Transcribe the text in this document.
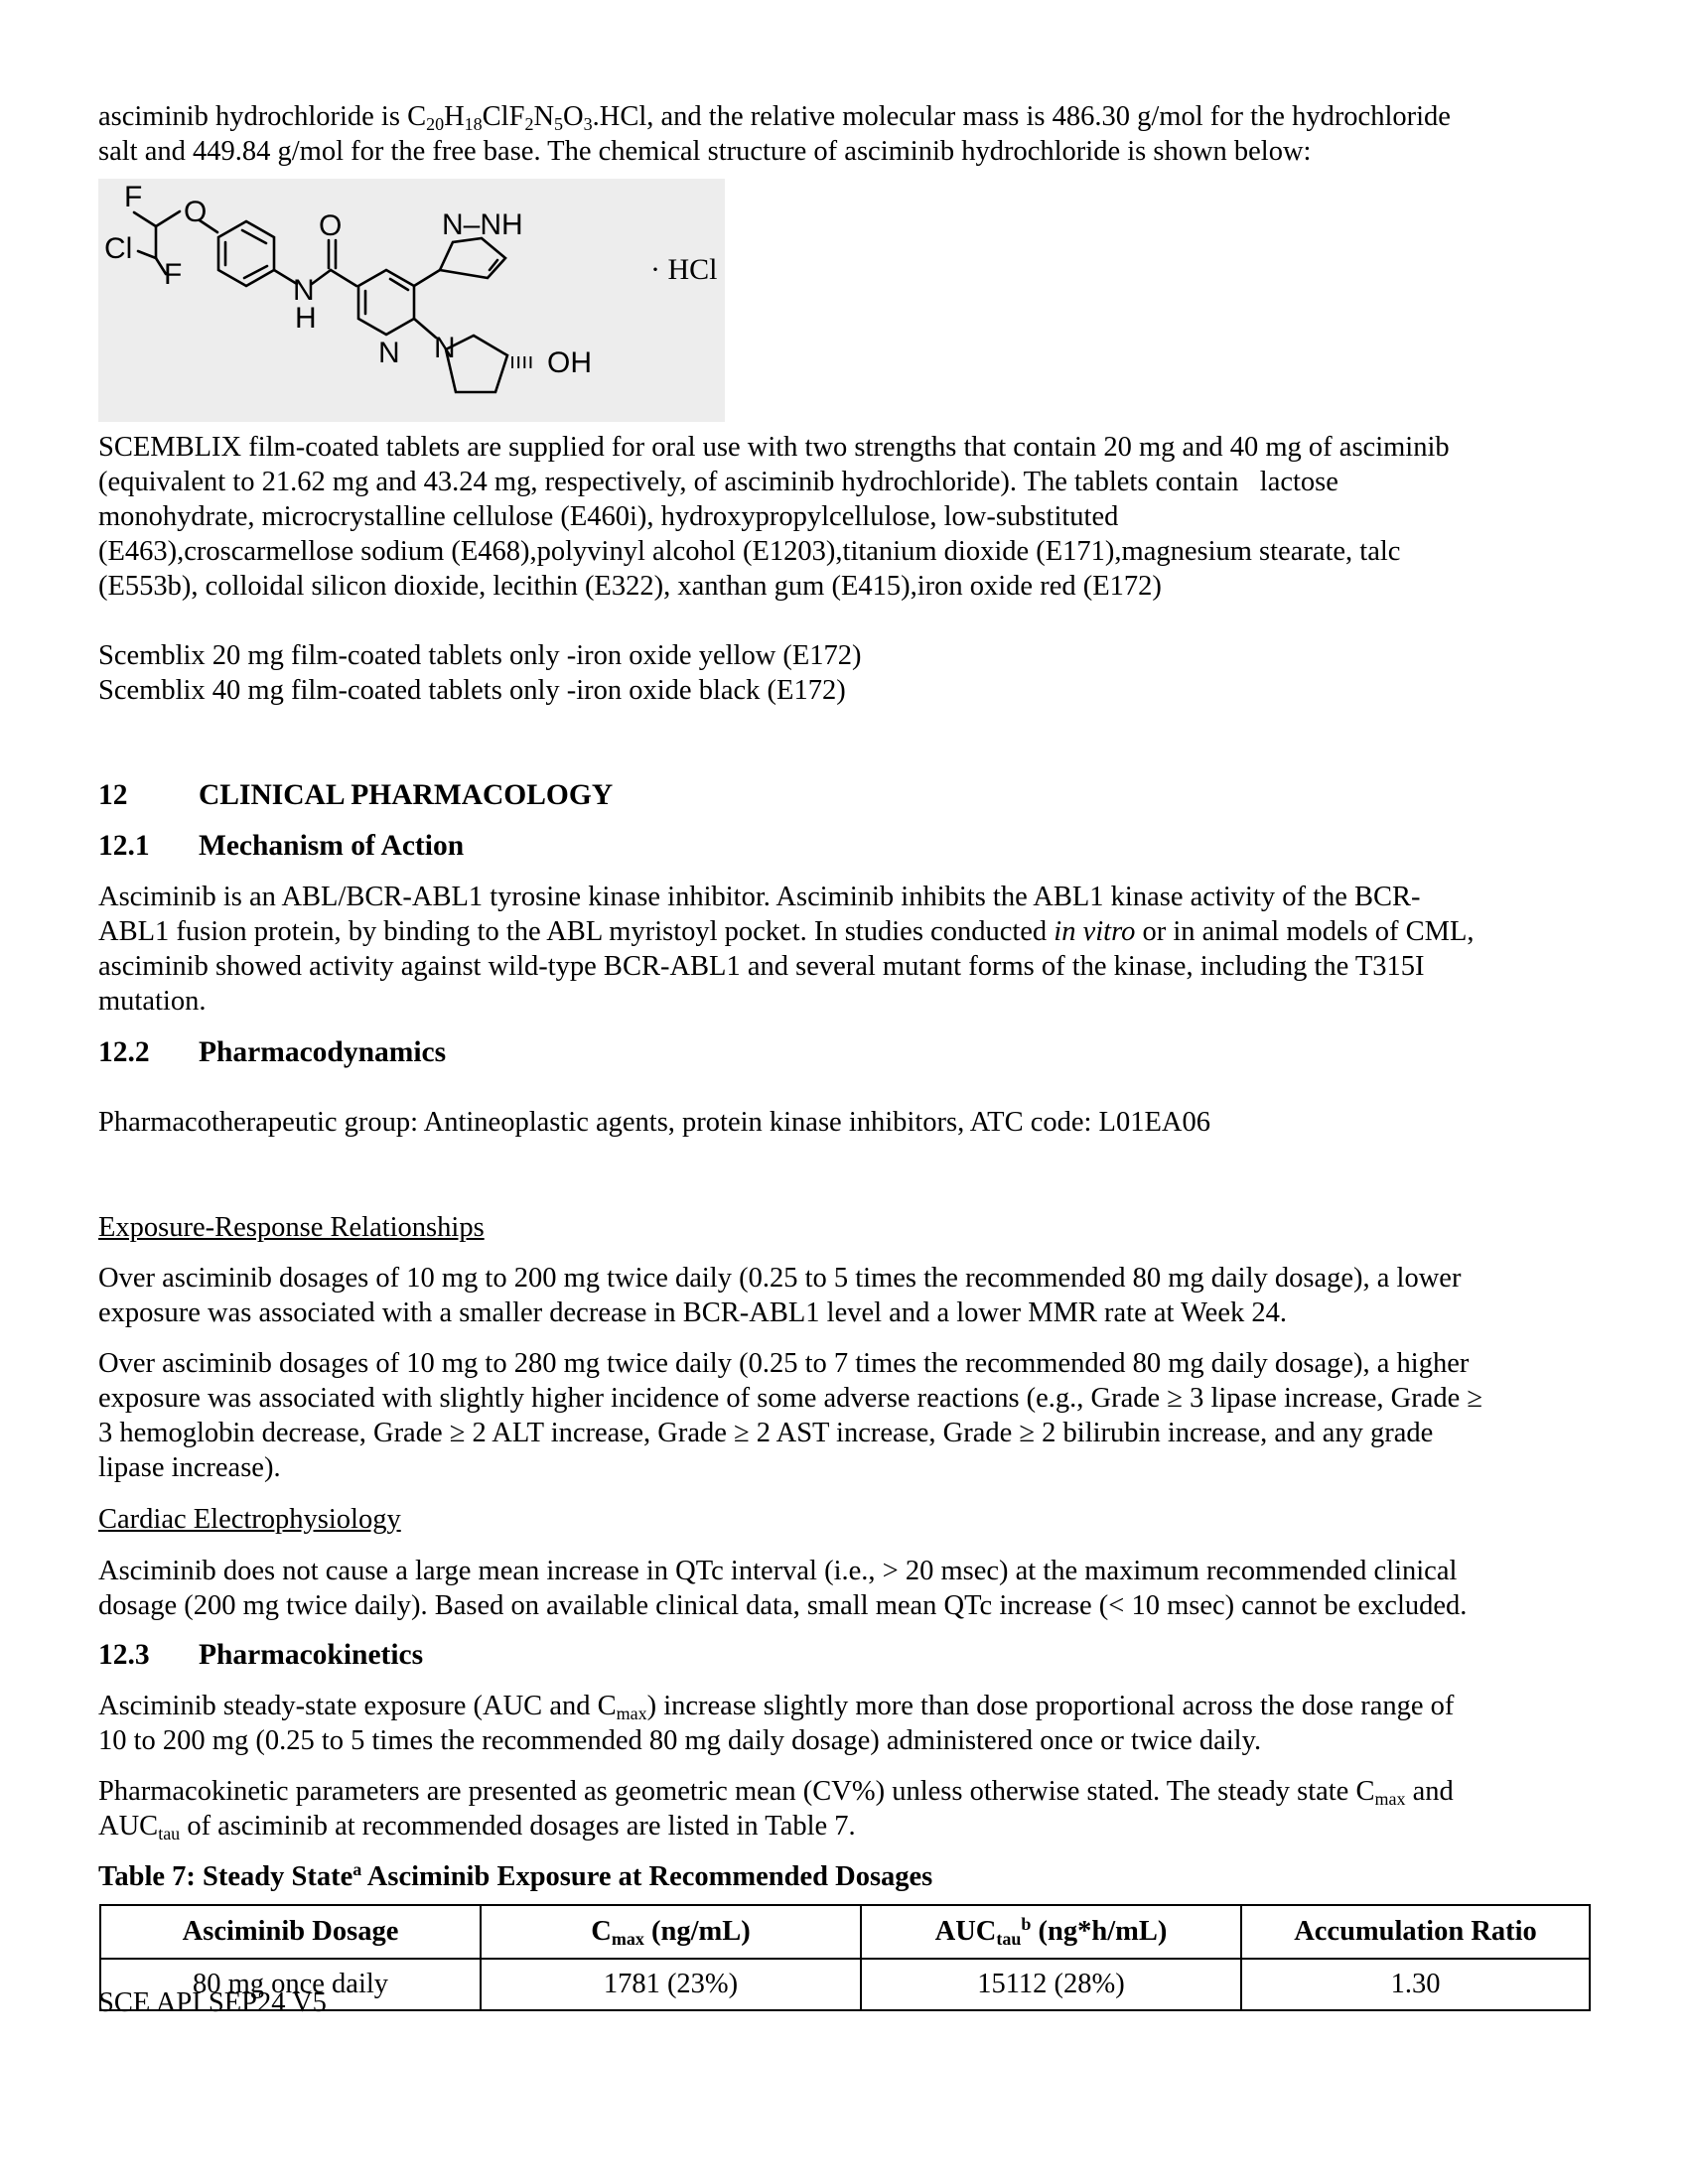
asciminib hydrochloride is $C_{20}H_{18}ClF_2N_5O_3.HCl$, and the relative molecular mass is 486.30 g/mol for the hydrochloride

salt and 449.84 g/mol for the free base. The chemical structure of asciminib hydrochloride is shown below:

F O
Cl
F
O
N
H
N–NH
N N ıııı OH
· HCl

SCEMBLIX film-coated tablets are supplied for oral use with two strengths that contain 20 mg and 40 mg of asciminib

(equivalent to 21.62 mg and 43.24 mg, respectively, of asciminib hydrochloride). The tablets contain   lactose

monohydrate, microcrystalline cellulose (E460i), hydroxypropylcellulose, low-substituted

(E463),croscarmellose sodium (E468),polyvinyl alcohol (E1203),titanium dioxide (E171),magnesium stearate, talc

(E553b), colloidal silicon dioxide, lecithin (E322), xanthan gum (E415),iron oxide red (E172)

Scemblix 20 mg film-coated tablets only -iron oxide yellow (E172)

Scemblix 40 mg film-coated tablets only -iron oxide black (E172)

12 CLINICAL PHARMACOLOGY
12.1 Mechanism of Action

Asciminib is an ABL/BCR-ABL1 tyrosine kinase inhibitor. Asciminib inhibits the ABL1 kinase activity of the BCR-

ABL1 fusion protein, by binding to the ABL myristoyl pocket. In studies conducted in vitro or in animal models of CML,

asciminib showed activity against wild-type BCR-ABL1 and several mutant forms of the kinase, including the T315I

mutation.

12.2 Pharmacodynamics
Pharmacotherapeutic group: Antineoplastic agents, protein kinase inhibitors, ATC code: L01EA06
Exposure-Response Relationships

Over asciminib dosages of 10 mg to 200 mg twice daily (0.25 to 5 times the recommended 80 mg daily dosage), a lower

exposure was associated with a smaller decrease in BCR-ABL1 level and a lower MMR rate at Week 24.

Over asciminib dosages of 10 mg to 280 mg twice daily (0.25 to 7 times the recommended 80 mg daily dosage), a higher

exposure was associated with slightly higher incidence of some adverse reactions (e.g., Grade ≥ 3 lipase increase, Grade ≥

3 hemoglobin decrease, Grade ≥ 2 ALT increase, Grade ≥ 2 AST increase, Grade ≥ 2 bilirubin increase, and any grade

lipase increase).

Cardiac Electrophysiology

Asciminib does not cause a large mean increase in QTc interval (i.e., > 20 msec) at the maximum recommended clinical

dosage (200 mg twice daily). Based on available clinical data, small mean QTc increase (< 10 msec) cannot be excluded.

12.3 Pharmacokinetics

Asciminib steady-state exposure (AUC and $C_{max}$) increase slightly more than dose proportional across the dose range of

10 to 200 mg (0.25 to 5 times the recommended 80 mg daily dosage) administered once or twice daily.

Pharmacokinetic parameters are presented as geometric mean (CV%) unless otherwise stated. The steady state $C_{max}$ and

$AUC_{tau}$ of asciminib at recommended dosages are listed in Table 7.

Table 7: Steady State$^a$ Asciminib Exposure at Recommended Dosages
Asciminib Dosage	$C_{max}$ (ng/mL)	$AUC_{tau}^b$ (ng*h/mL)	Accumulation Ratio
80 mg once daily	1781 (23%)	15112 (28%)	1.30
SCE API SEP24 V5
